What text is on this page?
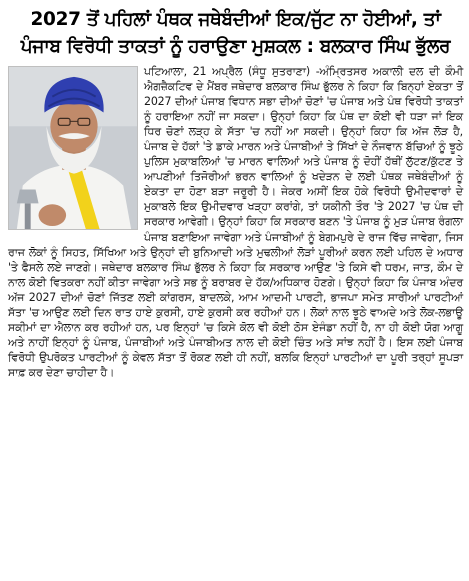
2027 ਤੋਂ ਪਹਿਲਾਂ ਪੰਥਕ ਜਥੇਬੰਦੀਆਂ ਇਕ/ਜੁੱਟ ਨਾ ਹੋਈਆਂ, ਤਾਂ
ਪੰਜਾਬ ਵਿਰੋਧੀ ਤਾਕਤਾਂ ਨੂੰ ਹਰਾਉਣਾ ਮੁਸ਼ਕਲ : ਬਲਕਾਰ ਸਿੰਘ ਭੁੱਲਰ

ਪਟਿਆਲਾ, 21 ਅਪ੍ਰੈਲ (ਸੰਧੂ ਸੁਤਰਾਣਾ) -ਅੰਮ੍ਰਿਤਸਰ ਅਕਾਲੀ ਦਲ ਦੀ ਕੌਮੀ ਐਗਜ਼ੈਕਟਿਵ ਦੇ ਮੈਂਬਰ ਜਥੇਦਾਰ ਬਲਕਾਰ ਸਿੰਘ ਭੁੱਲਰ ਨੇ ਕਿਹਾ ਕਿ ਬਿਨ੍ਹਾਂ ਏਕਤਾ ਤੋਂ 2027 ਦੀਆਂ ਪੰਜਾਬ ਵਿਧਾਨ ਸਭਾ ਦੀਆਂ ਚੋਣਾਂ 'ਚ ਪੰਜਾਬ ਅਤੇ ਪੰਥ ਵਿਰੋਧੀ ਤਾਕਤਾਂ ਨੂੰ ਹਰਾਇਆ ਨਹੀਂ ਜਾ ਸਕਦਾ। ਉਨ੍ਹਾਂ ਕਿਹਾ ਕਿ ਪੰਥ ਦਾ ਕੋਈ ਵੀ ਧੜਾ ਜਾਂ ਇਕ ਧਿਰ ਚੋਣਾਂ ਲੜ੍ਹ ਕੇ ਸੱਤਾ 'ਚ ਨਹੀਂ ਆ ਸਕਦੀ। ਉਨ੍ਹਾਂ ਕਿਹਾ ਕਿ ਅੱਜ ਲੋੜ ਹੈ, ਪੰਜਾਬ ਦੇ ਹੱਕਾਂ 'ਤੇ ਡਾਕੇ ਮਾਰਨ ਅਤੇ ਪੰਜਾਬੀਆਂ ਤੇ ਸਿੱਖਾਂ ਦੇ ਨੌਜਵਾਨ ਬੱਚਿਆਂ ਨੂੰ ਝੂਠੇ ਪੁਲਿਸ ਮੁਕਾਬਲਿਆਂ 'ਚ ਮਾਰਨ ਵਾਲਿਆਂ ਅਤੇ ਪੰਜਾਬ ਨੂੰ ਦੋਹੀਂ ਹੱਥੀਂ ਲੁੱਟਣ/ਕੁੱਟਣ ਤੇ ਆਪਣੀਆਂ ਤਿਜੋਰੀਆਂ ਭਰਨ ਵਾਲਿਆਂ ਨੂੰ ਖਦੇੜਨ ਦੇ ਲਈ ਪੰਥਕ ਜਥੇਬੰਦੀਆਂ ਨੂੰ ਏਕਤਾ ਦਾ ਹੋਣਾ ਬੜਾ ਜਰੂਰੀ ਹੈ। ਜੇਕਰ ਅਸੀਂ ਇਕ ਹੋਕੇ ਵਿਰੋਧੀ ਉਮੀਦਵਾਰਾਂ ਦੇ ਮੁਕਾਬਲੇ ਇਕ ਉਮੀਦਵਾਰ ਖੜ੍ਹਾ ਕਰਾਂਗੇ, ਤਾਂ ਯਕੀਨੀ ਤੌਰ 'ਤੇ 2027 'ਚ ਪੰਥ ਦੀ ਸਰਕਾਰ ਆਵੇਗੀ। ਉਨ੍ਹਾਂ ਕਿਹਾ ਕਿ ਸਰਕਾਰ ਬਣਨ 'ਤੇ ਪੰਜਾਬ ਨੂੰ ਮੁੜ ਪੰਜਾਬ ਰੰਗਲਾ ਪੰਜਾਬ ਬਣਾਇਆ ਜਾਵੇਗਾ ਅਤੇ ਪੰਜਾਬੀਆਂ ਨੂੰ ਬੇਗਮਪੁਰੇ ਦੇ ਰਾਜ ਵਿੱਚ ਜਾਵੇਗਾ, ਜਿਸ ਰਾਜ ਲੋਕਾਂ ਨੂੰ ਸਿਹਤ, ਸਿੱਖਿਆ ਅਤੇ ਉਨ੍ਹਾਂ ਦੀ ਬੁਨਿਆਦੀ ਅਤੇ ਮੁਢਲੀਆਂ ਲੋੜਾਂ ਪੂਰੀਆਂ ਕਰਨ ਲਈ ਪਹਿਲ ਦੇ ਅਧਾਰ 'ਤੇ ਫੈਸਲੇ ਲਏ ਜਾਣਗੇ। ਜਥੇਦਾਰ ਬਲਕਾਰ ਸਿੰਘ ਭੁੱਲਰ ਨੇ ਕਿਹਾ ਕਿ ਸਰਕਾਰ ਆਉਣ 'ਤੇ ਕਿਸੇ ਵੀ ਧਰਮ, ਜਾਤ, ਕੌਮ ਦੇ ਨਾਲ ਕੋਈ ਵਿਤਕਰਾ ਨਹੀਂ ਕੀਤਾ ਜਾਵੇਗਾ ਅਤੇ ਸਭ ਨੂੰ ਬਰਾਬਰ ਦੇ ਹੱਕ/ਅਧਿਕਾਰ ਹੋਣਗੇ। ਉਨ੍ਹਾਂ ਕਿਹਾ ਕਿ ਪੰਜਾਬ ਅੰਦਰ ਅੱਜ 2027 ਦੀਆਂ ਚੋਣਾਂ ਜਿੱਤਣ ਲਈ ਕਾਂਗਰਸ, ਬਾਦਲਕੇ, ਆਮ ਆਦਮੀ ਪਾਰਟੀ, ਭਾਜਪਾ ਸਮੇਤ ਸਾਰੀਆਂ ਪਾਰਟੀਆਂ ਸੱਤਾ 'ਚ ਆਉਣ ਲਈ ਦਿਨ ਰਾਤ ਹਾਏ ਕੁਰਸੀ, ਹਾਏ ਕੁਰਸੀ ਕਰ ਰਹੀਆਂ ਹਨ। ਲੋਕਾਂ ਨਾਲ ਝੂਠੇ ਵਾਅਦੇ ਅਤੇ ਲੋਕ-ਲਭਾਊ ਸਕੀਮਾਂ ਦਾ ਐਲਾਨ ਕਰ ਰਹੀਆਂ ਹਨ, ਪਰ ਇਨ੍ਹਾਂ 'ਚ ਕਿਸੇ ਕੋਲ ਵੀ ਕੋਈ ਠੋਸ ਏਜੰਡਾ ਨਹੀਂ ਹੈ, ਨਾ ਹੀ ਕੋਈ ਯੋਗ ਆਗੂ ਅਤੇ ਨਾਹੀਂ ਇਨ੍ਹਾਂ ਨੂੰ ਪੰਜਾਬ, ਪੰਜਾਬੀਆਂ ਅਤੇ ਪੰਜਾਬੀਅਤ ਨਾਲ ਦੀ ਕੋਈ ਚਿੰਤ ਅਤੇ ਸਾਂਝ ਨਹੀਂ ਹੈ। ਇਸ ਲਈ ਪੰਜਾਬ ਵਿਰੋਧੀ ਉਪਰੋਕਤ ਪਾਰਟੀਆਂ ਨੂੰ ਕੇਵਲ ਸੱਤਾ ਤੋਂ ਰੋਕਣ ਲਈ ਹੀ ਨਹੀਂ, ਬਲਕਿ ਇਨ੍ਹਾਂ ਪਾਰਟੀਆਂ ਦਾ ਪੂਰੀ ਤਰ੍ਹਾਂ ਸੂਪੜਾ ਸਾਫ਼ ਕਰ ਦੇਣਾ ਚਾਹੀਦਾ ਹੈ।
